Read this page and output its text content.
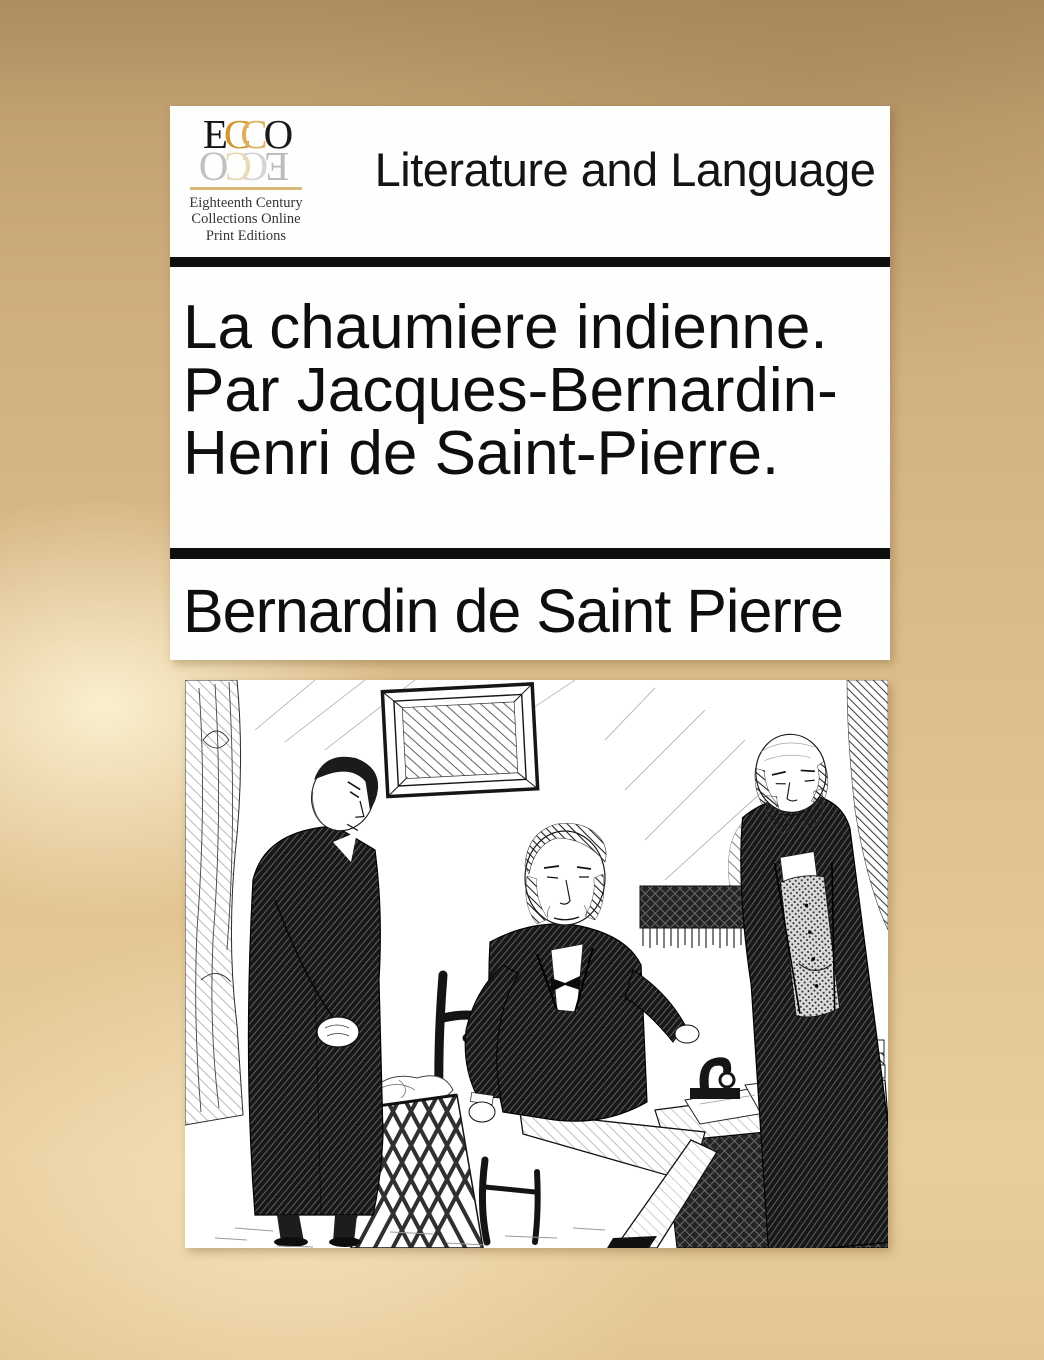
ECCO
ECCO
Eighteenth Century
Collections Online
Print Editions
Literature and Language
La chaumiere indienne.
Par Jacques-Bernardin-
Henri de Saint-Pierre.
Bernardin de Saint Pierre
